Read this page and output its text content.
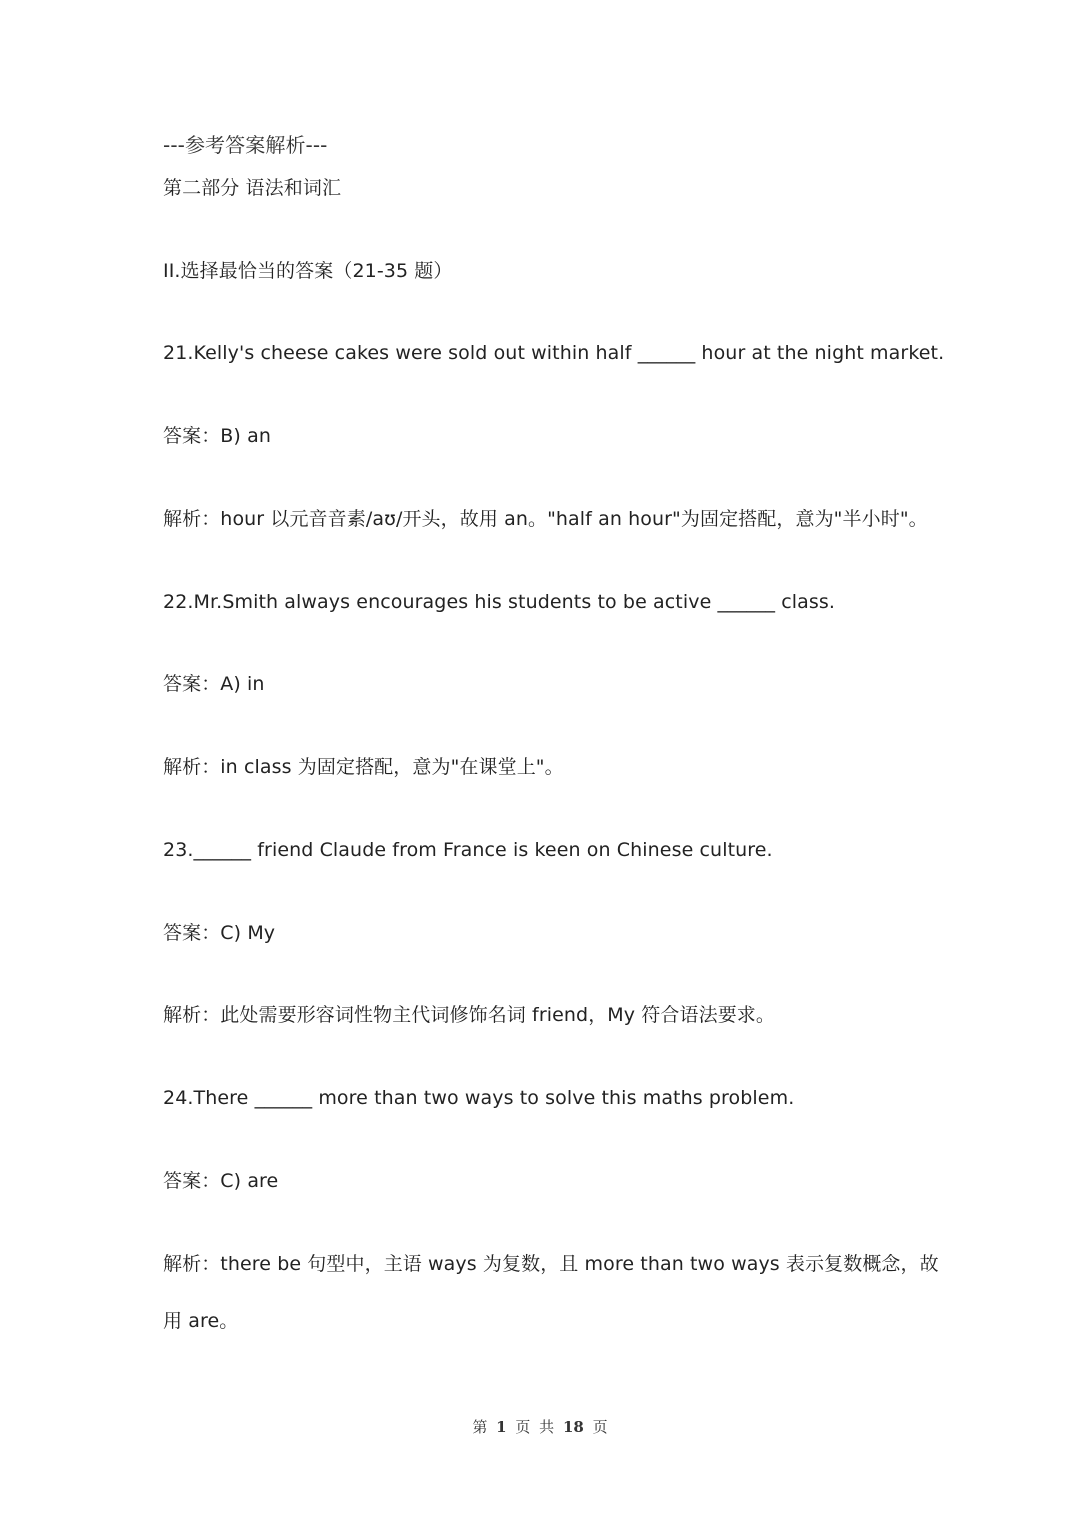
---参考答案解析---
第二部分 语法和词汇
II.选择最恰当的答案（21-35 题）
21.Kelly's cheese cakes were sold out within half ______ hour at the night market.
答案：B) an
解析：hour 以元音音素/aʊ/开头，故用 an。"half an hour"为固定搭配，意为"半小时"。
22.Mr.Smith always encourages his students to be active ______ class.
答案：A) in
解析：in class 为固定搭配，意为"在课堂上"。
23.______ friend Claude from France is keen on Chinese culture.
答案：C) My
解析：此处需要形容词性物主代词修饰名词 friend，My 符合语法要求。
24.There ______ more than two ways to solve this maths problem.
答案：C) are
解析：there be 句型中，主语 ways 为复数，且 more than two ways 表示复数概念，故
用 are。
第 1 页 共 18 页
